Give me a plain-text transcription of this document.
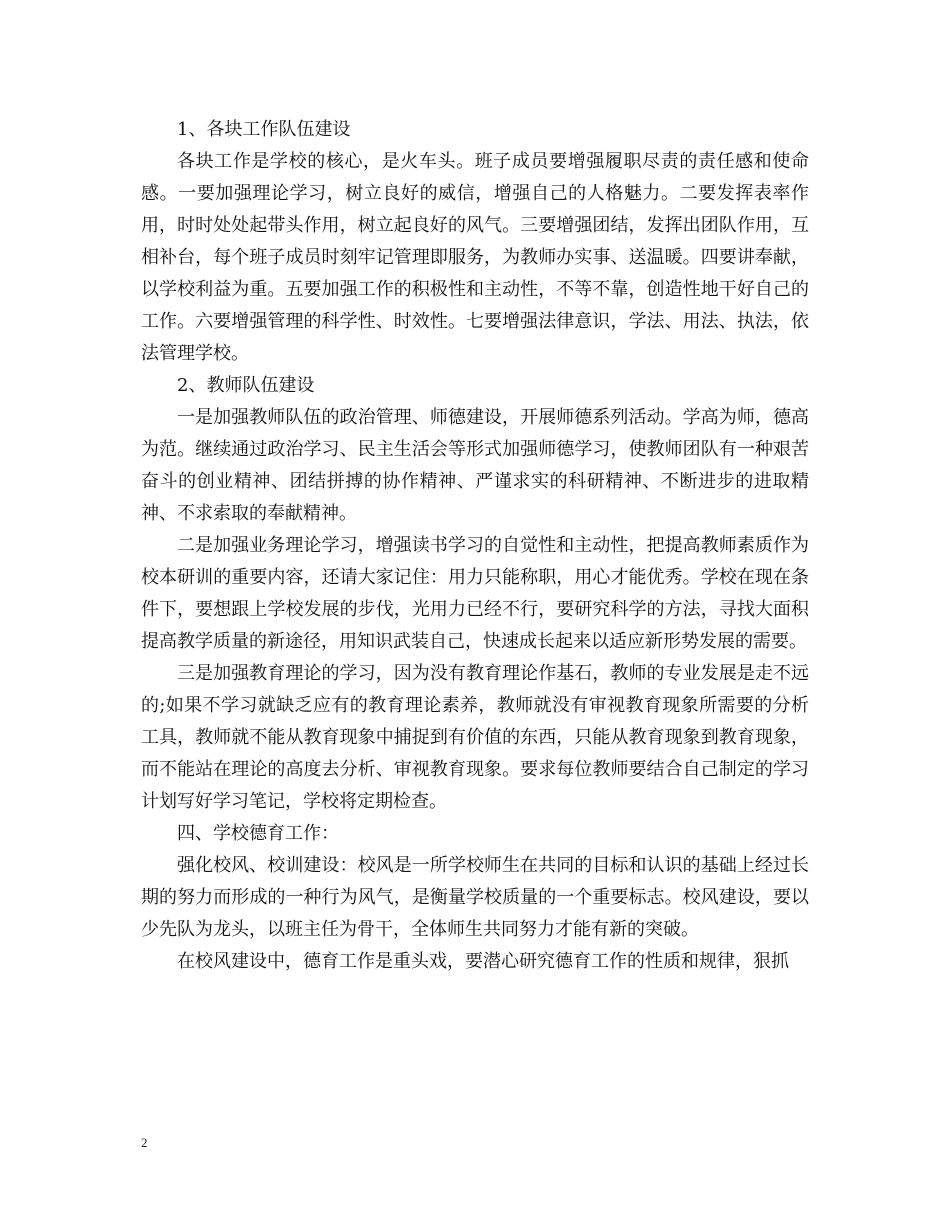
1、各块工作队伍建设

各块工作是学校的核心，是火车头。班子成员要增强履职尽责的责任感和使命感。一要加强理论学习，树立良好的威信，增强自己的人格魅力。二要发挥表率作用，时时处处起带头作用，树立起良好的风气。三要增强团结，发挥出团队作用，互相补台，每个班子成员时刻牢记管理即服务，为教师办实事、送温暖。四要讲奉献，以学校利益为重。五要加强工作的积极性和主动性，不等不靠，创造性地干好自己的工作。六要增强管理的科学性、时效性。七要增强法律意识，学法、用法、执法，依法管理学校。

2、教师队伍建设

一是加强教师队伍的政治管理、师德建设，开展师德系列活动。学高为师，德高为范。继续通过政治学习、民主生活会等形式加强师德学习，使教师团队有一种艰苦奋斗的创业精神、团结拼搏的协作精神、严谨求实的科研精神、不断进步的进取精神、不求索取的奉献精神。

二是加强业务理论学习，增强读书学习的自觉性和主动性，把提高教师素质作为校本研训的重要内容，还请大家记住：用力只能称职，用心才能优秀。学校在现在条件下，要想跟上学校发展的步伐，光用力已经不行，要研究科学的方法，寻找大面积提高教学质量的新途径，用知识武装自己，快速成长起来以适应新形势发展的需要。

三是加强教育理论的学习，因为没有教育理论作基石，教师的专业发展是走不远的;如果不学习就缺乏应有的教育理论素养，教师就没有审视教育现象所需要的分析工具，教师就不能从教育现象中捕捉到有价值的东西，只能从教育现象到教育现象，而不能站在理论的高度去分析、审视教育现象。要求每位教师要结合自己制定的学习计划写好学习笔记，学校将定期检查。

四、学校德育工作：

强化校风、校训建设：校风是一所学校师生在共同的目标和认识的基础上经过长期的努力而形成的一种行为风气，是衡量学校质量的一个重要标志。校风建设，要以少先队为龙头，以班主任为骨干，全体师生共同努力才能有新的突破。

在校风建设中，德育工作是重头戏，要潜心研究德育工作的性质和规律，狠抓

2
